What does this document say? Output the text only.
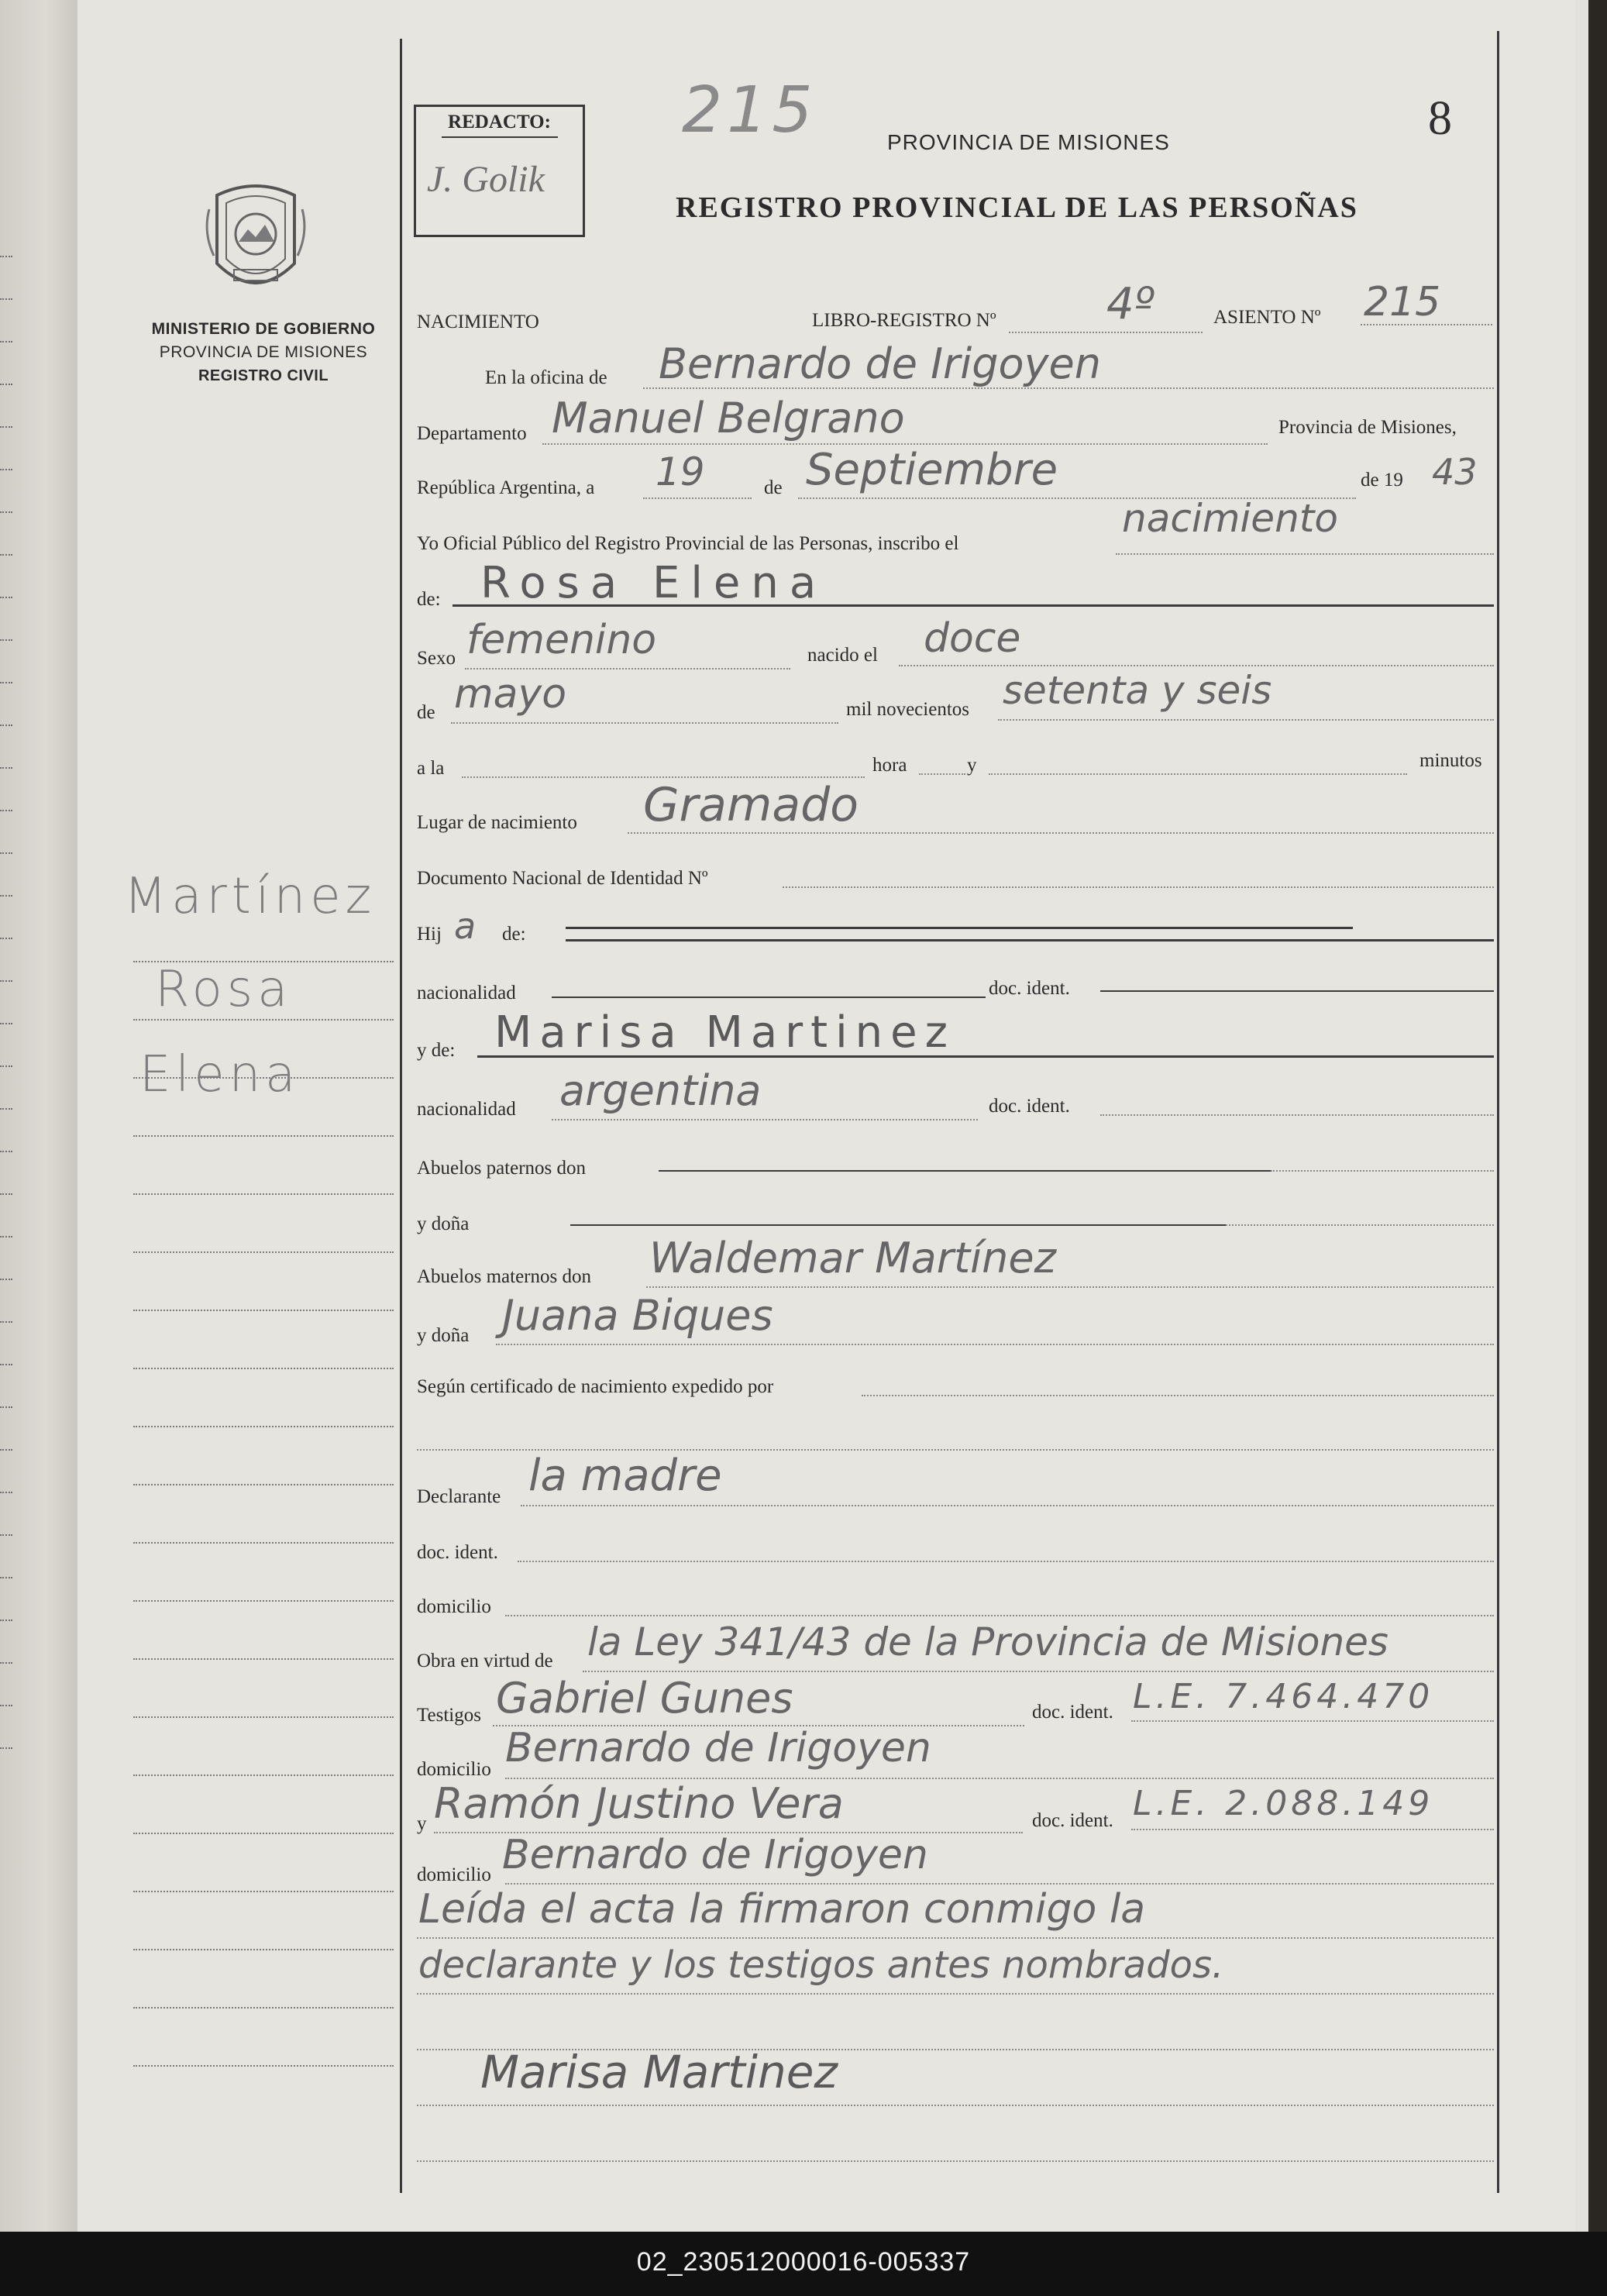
MINISTERIO DE GOBIERNO
PROVINCIA DE MISIONES
REGISTRO CIVIL
Martínez
Rosa
Elena
REDACTO:
J. Golik
215	8
PROVINCIA DE MISIONES
REGISTRO PROVINCIAL DE LAS PERSOÑAS
NACIMIENTO	LIBRO-REGISTRO Nº	4º	ASIENTO Nº 215
En la oficina de Bernardo de Irigoyen
Departamento Manuel Belgrano	Provincia de Misiones,
República Argentina, a 19	de Septiembre	de 19 43
Yo Oficial Público del Registro Provincial de las Personas, inscribo el
nacimiento
de: Rosa Elena
Sexo femenino	nacido el doce
de mayo	mil novecientos setenta y seis
a la	hora	y	minutos
Lugar de nacimiento Gramado
Documento Nacional de Identidad Nº
Hij a de:
nacionalidad	doc. ident.
y de: Marisa Martinez
nacionalidad argentina	doc. ident.
Abuelos paternos don
y doña
Abuelos maternos don Waldemar Martínez
y doña Juana Biques
Según certificado de nacimiento expedido por
Declarante la madre
doc. ident.
domicilio
Obra en virtud de la Ley 341/43 de la Provincia de Misiones
Testigos Gabriel Gunes	doc. ident. L.E. 7.464.470
domicilio Bernardo de Irigoyen
y Ramón Justino Vera	doc. ident. L.E. 2.088.149
domicilio Bernardo de Irigoyen
Leída el acta la firmaron conmigo la
declarante y los testigos antes nombrados.
Marisa Martinez
02_230512000016-005337
